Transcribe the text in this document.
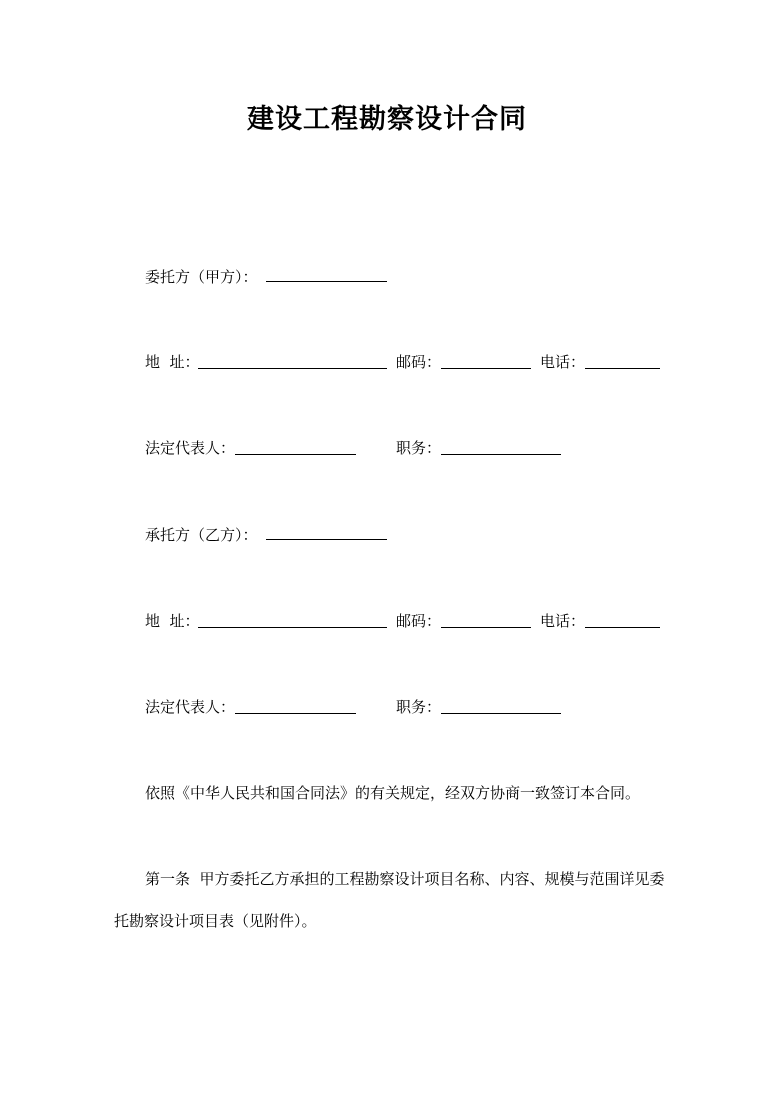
建设工程勘察设计合同
委托方（甲方）：
地  址：	邮码：	电话：
法定代表人：	职务：
承托方（乙方）：
地  址：	邮码：	电话：
法定代表人：	职务：
依照《中华人民共和国合同法》的有关规定，经双方协商一致签订本合同。
第一条  甲方委托乙方承担的工程勘察设计项目名称、内容、规模与范围详见委
托勘察设计项目表（见附件）。
